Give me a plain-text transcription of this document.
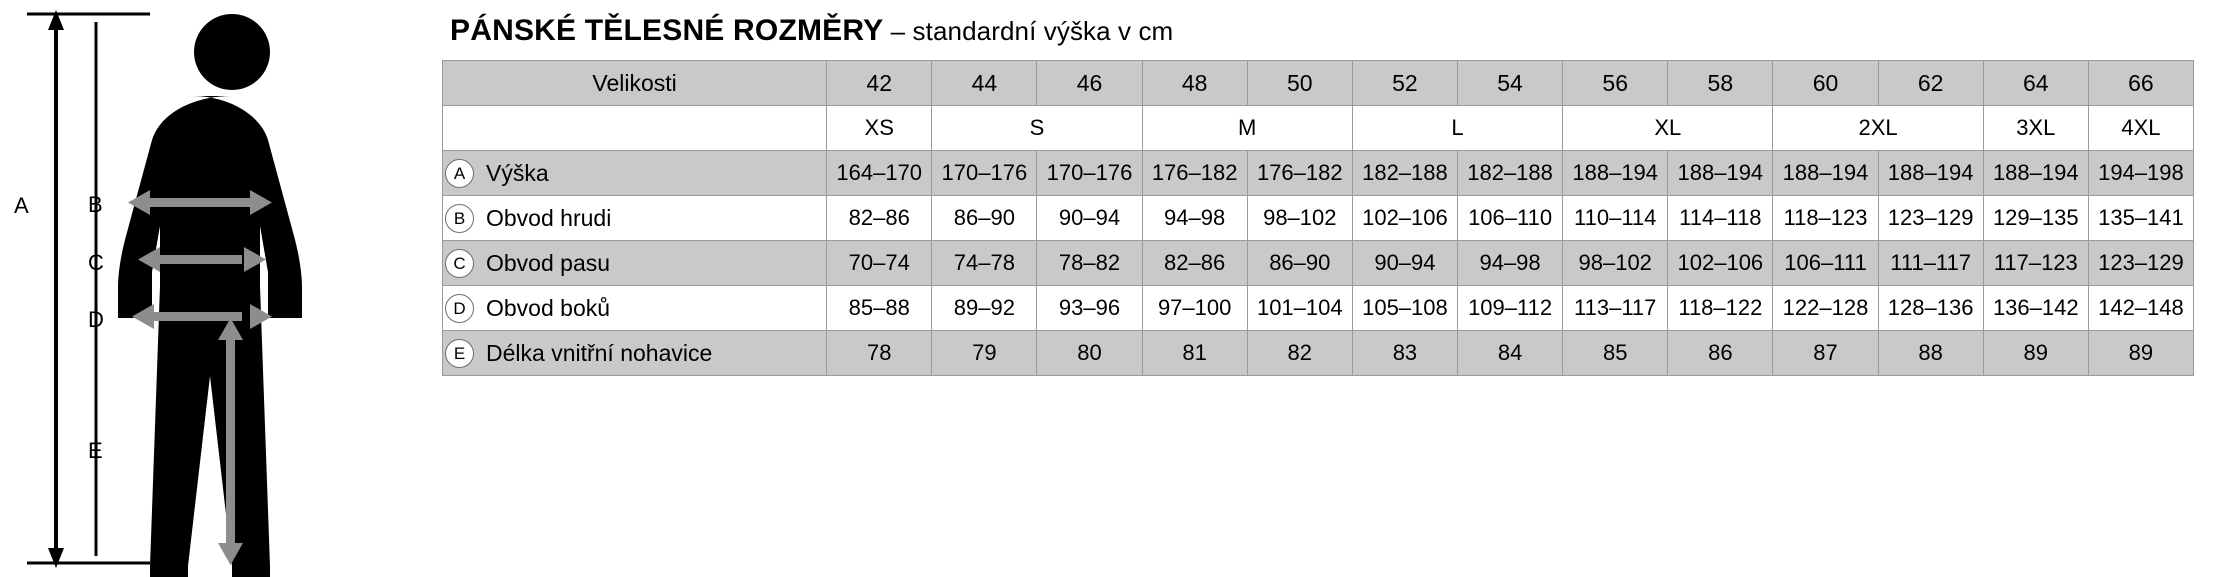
A	B
C
D
E
PÁNSKÉ TĚLESNÉ ROZMĚRY – standardní výška v cm
Velikosti	42	44	46	48	50	52	54	56	58	60	62	64	66
	XS	S		M		L		XL		2XL		3XL	4XL

A Výška	164–170	170–176	170–176	176–182	176–182	182–188	182–188	188–194	188–194	188–194	188–194	188–194	194–198

B Obvod hrudi	82–86	86–90	90–94	94–98	98–102	102–106	106–110	110–114	114–118	118–123	123–129	129–135	135–141

C Obvod pasu	70–74	74–78	78–82	82–86	86–90	90–94	94–98	98–102	102–106	106–111	111–117	117–123	123–129

D Obvod boků	85–88	89–92	93–96	97–100	101–104	105–108	109–112	113–117	118–122	122–128	128–136	136–142	142–148

E Délka vnitřní nohavice	78	79	80	81	82	83	84	85	86	87	88	89	89
